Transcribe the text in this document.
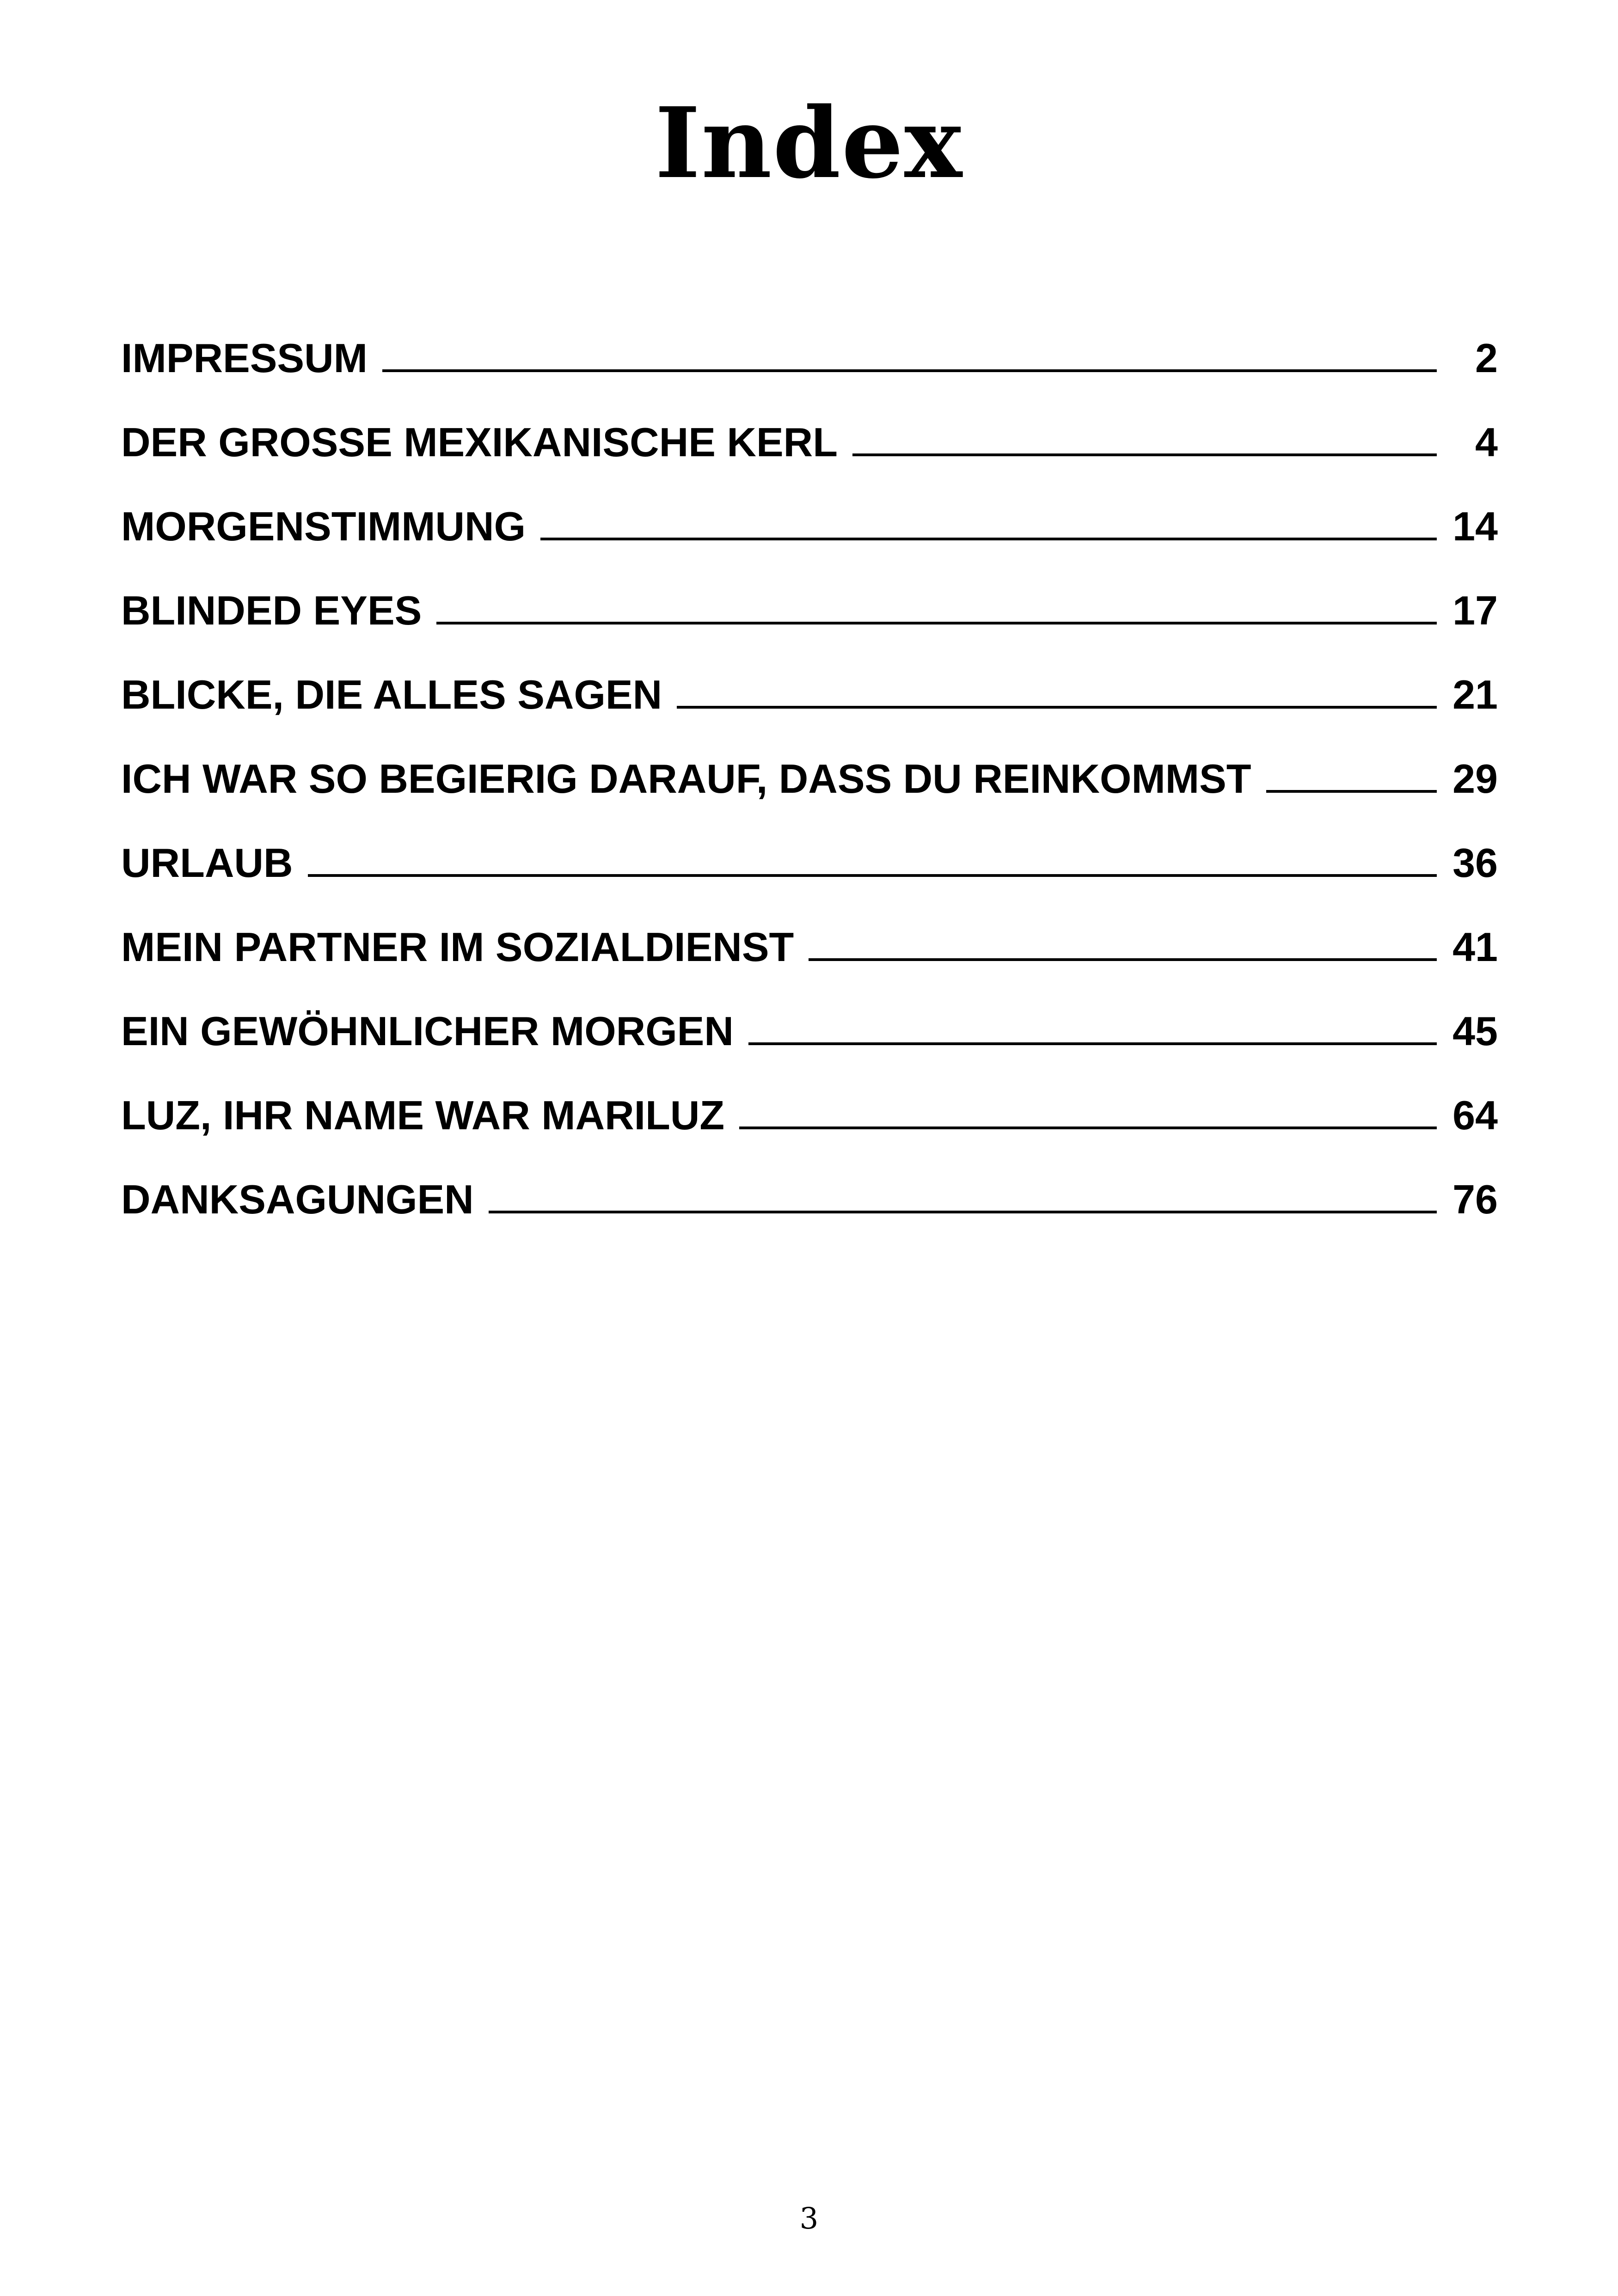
Index
IMPRESSUM	2
DER GROSSE MEXIKANISCHE KERL	4
MORGENSTIMMUNG	14
BLINDED EYES	17
BLICKE, DIE ALLES SAGEN	21
ICH WAR SO BEGIERIG DARAUF, DASS DU REINKOMMST	29
URLAUB	36
MEIN PARTNER IM SOZIALDIENST	41
EIN GEWÖHNLICHER MORGEN	45
LUZ, IHR NAME WAR MARILUZ	64
DANKSAGUNGEN	76
3
